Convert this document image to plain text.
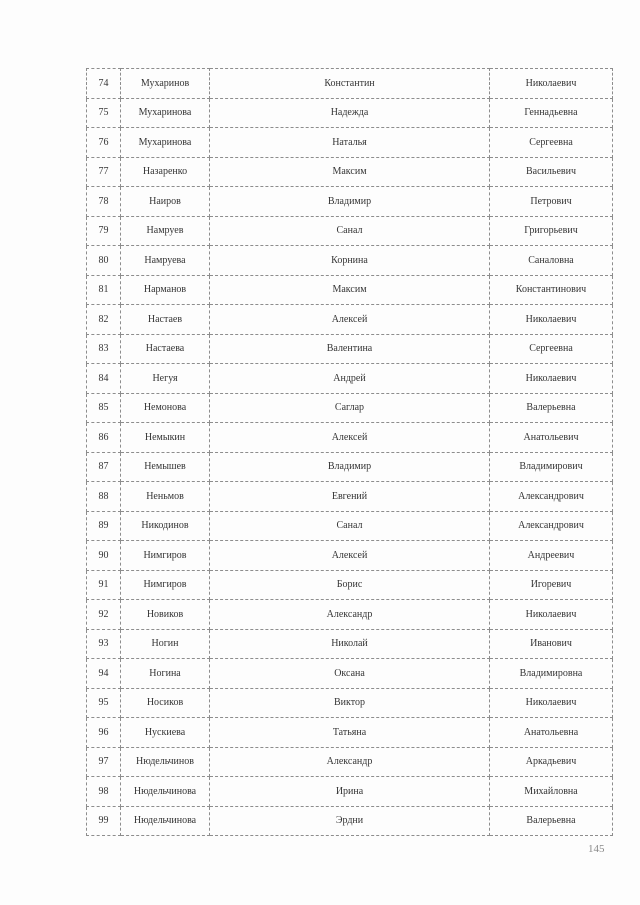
74	Мухаринов	Константин	Николаевич
75	Мухаринова	Надежда	Геннадьевна
76	Мухаринова	Наталья	Сергеевна
77	Назаренко	Максим	Васильевич
78	Наиров	Владимир	Петрович
79	Намруев	Санал	Григорьевич
80	Намруева	Корнина	Саналовна
81	Нарманов	Максим	Константинович
82	Настаев	Алексей	Николаевич
83	Настаева	Валентина	Сергеевна
84	Негуя	Андрей	Николаевич
85	Немонова	Саглар	Валерьевна
86	Немыкин	Алексей	Анатольевич
87	Немышев	Владимир	Владимирович
88	Неньмов	Евгений	Александрович
89	Никодинов	Санал	Александрович
90	Нимгиров	Алексей	Андреевич
91	Нимгиров	Борис	Игоревич
92	Новиков	Александр	Николаевич
93	Ногин	Николай	Иванович
94	Ногина	Оксана	Владимировна
95	Носиков	Виктор	Николаевич
96	Нускиева	Татьяна	Анатольевна
97	Нюдельчинов	Александр	Аркадьевич
98	Нюдельчинова	Ирина	Михайловна
99	Нюдельчинова	Эрдни	Валерьевна
145
